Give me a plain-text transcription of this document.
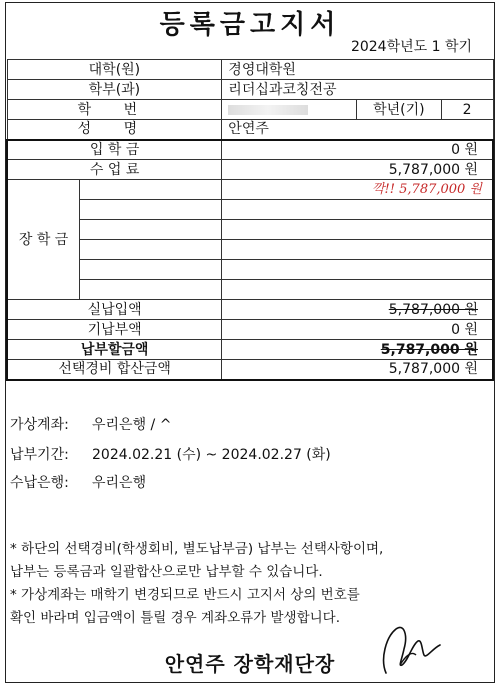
등록금고지서
2024학년도 1 학기
대학(원)		경영대학원		
학부(과)		리더십과코칭전공		
학 번			학년(기)	2
성 명		안연주		
입 학 금		0 원		
수 업 료		5,787,000 원		
장 학 금		깍!! 5,787,000 원		

실납입액		5,787,000 원		
기납부액		0 원		
납부할금액		5,787,000 원		
선택경비 합산금액		5,787,000 원		
가상계좌: 우리은행 / ^
납부기간: 2024.02.21 (수) ~ 2024.02.27 (화)
수납은행: 우리은행
* 하단의 선택경비(학생회비, 별도납부금) 납부는 선택사항이며,
납부는 등록금과 일괄합산으로만 납부할 수 있습니다.
* 가상계좌는 매학기 변경되므로 반드시 고지서 상의 번호를
확인 바라며 입금액이 틀릴 경우 계좌오류가 발생합니다.
안연주 장학재단장
